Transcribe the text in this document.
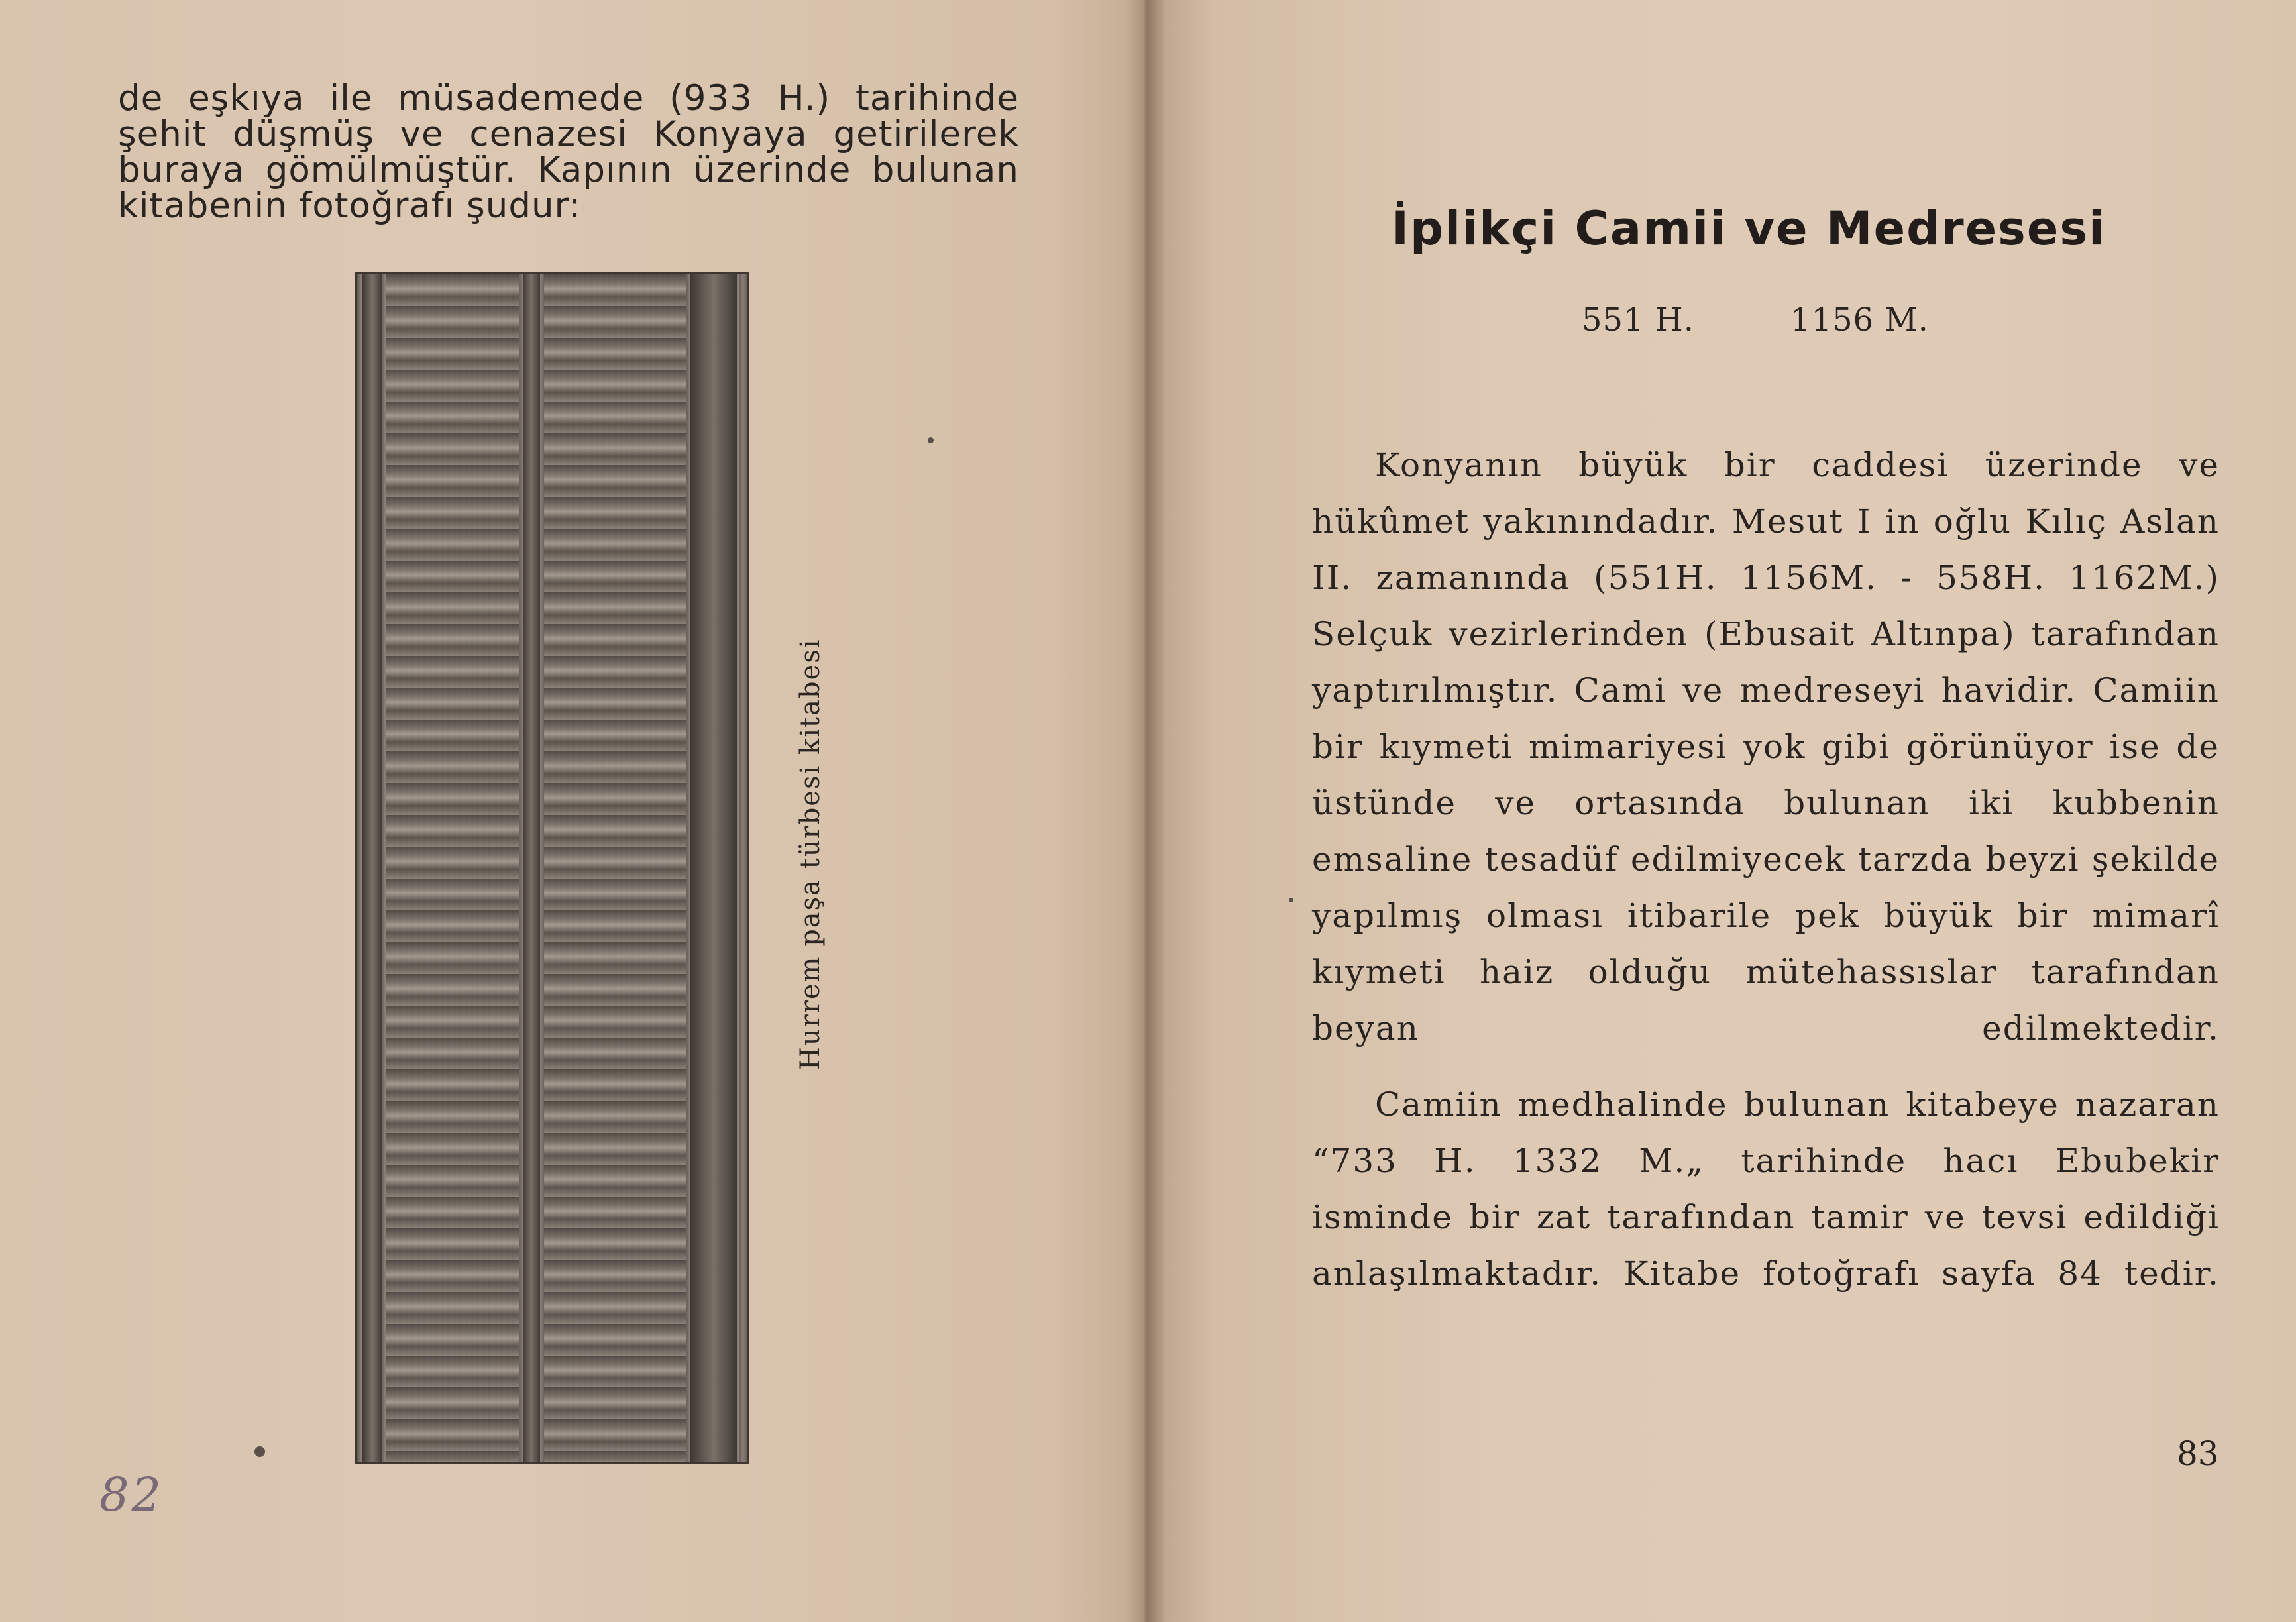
de eşkıya ile müsademede (933 H.) tarihinde şehit düşmüş ve cenazesi Konyaya getirilerek buraya gömülmüştür. Kapının üzerinde bulunan kitabenin fotoğrafı şudur:

Hurrem paşa türbesi kitabesi
82
İplikçi Camii ve Medresesi
551 H.	1156 M.

Konyanın büyük bir caddesi üzerinde ve hükûmet yakınındadır. Mesut I in oğlu Kılıç Aslan II. zamanında (551H. 1156M. - 558H. 1162M.) Selçuk vezirlerinden (Ebusait Altınpa) tarafından yaptırılmıştır. Cami ve medreseyi havidir. Camiin bir kıymeti mimariyesi yok gibi görünüyor ise de üstünde ve ortasında bulunan iki kubbenin emsaline tesadüf edilmiyecek tarzda beyzi şekilde yapılmış olması itibarile pek büyük bir mimarî kıymeti haiz olduğu mütehassıslar tarafından beyan edilmektedir.

Camiin medhalinde bulunan kitabeye nazaran “733 H. 1332 M.„ tarihinde hacı Ebubekir isminde bir zat tarafından tamir ve tevsi edildiği anlaşılmaktadır. Kitabe fotoğrafı sayfa 84 tedir.

83
